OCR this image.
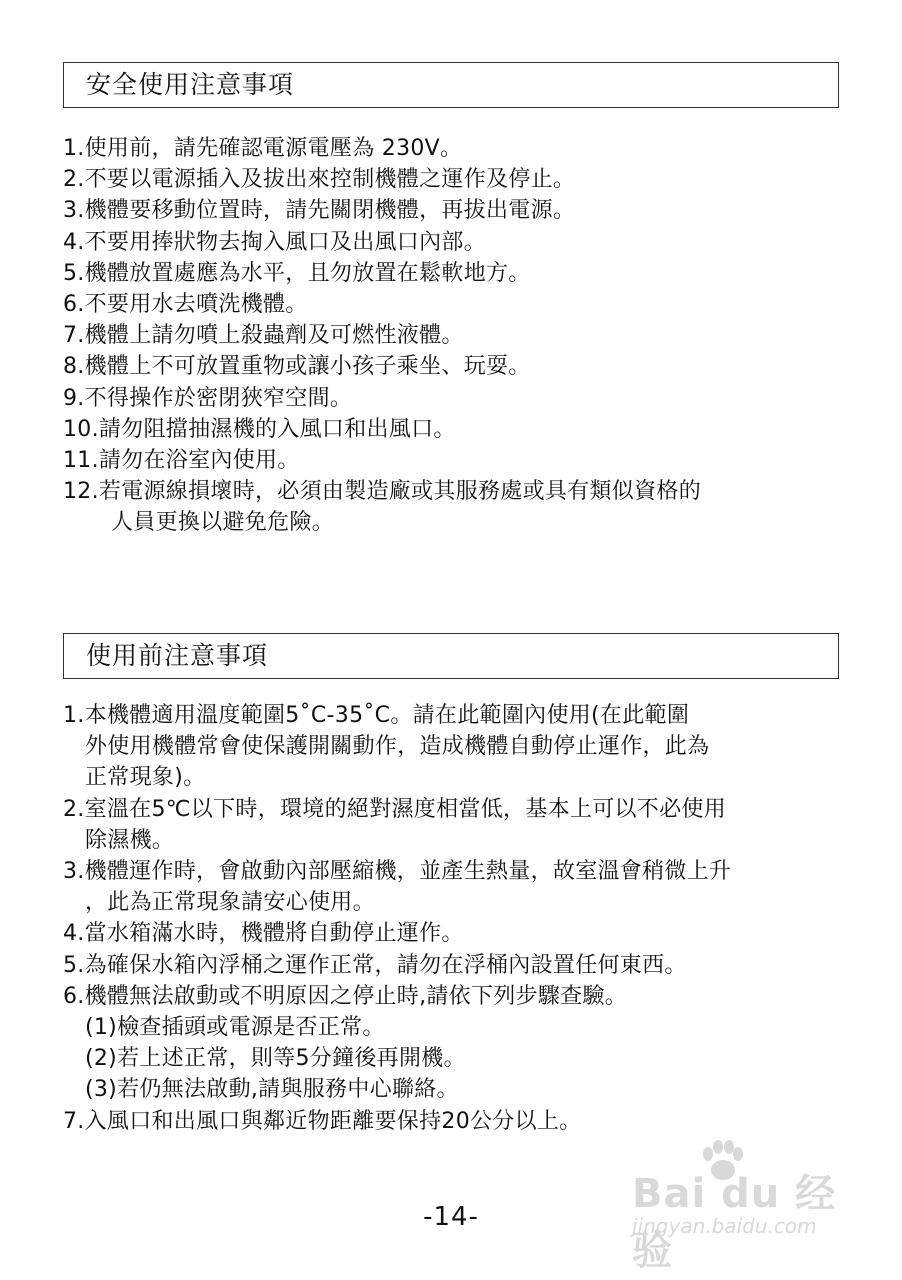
安全使用注意事項
1.使用前，請先確認電源電壓為 230V。
2.不要以電源插入及拔出來控制機體之運作及停止。
3.機體要移動位置時，請先關閉機體，再拔出電源。
4.不要用捧狀物去掏入風口及出風口內部。
5.機體放置處應為水平，且勿放置在鬆軟地方。
6.不要用水去噴洗機體。
7.機體上請勿噴上殺蟲劑及可燃性液體。
8.機體上不可放置重物或讓小孩子乘坐、玩耍。
9.不得操作於密閉狹窄空間。
10.請勿阻擋抽濕機的入風口和出風口。
11.請勿在浴室內使用。
12.若電源線損壞時，必須由製造廠或其服務處或具有類似資格的
人員更換以避免危險。
使用前注意事項
1.本機體適用溫度範圍5˚C-35˚C。請在此範圍內使用(在此範圍
外使用機體常會使保護開關動作，造成機體自動停止運作，此為
正常現象)。
2.室溫在5℃以下時，環境的絕對濕度相當低，基本上可以不必使用
除濕機。
3.機體運作時，會啟動內部壓縮機，並產生熱量，故室溫會稍微上升
，此為正常現象請安心使用。
4.當水箱滿水時，機體將自動停止運作。
5.為確保水箱內浮桶之運作正常，請勿在浮桶內設置任何東西。
6.機體無法啟動或不明原因之停止時,請依下列步驟查驗。
(1)檢查插頭或電源是否正常。
(2)若上述正常，則等5分鐘後再開機。
(3)若仍無法啟動,請與服務中心聯絡。
7.入風口和出風口與鄰近物距離要保持20公分以上。
Bai du 经验
jingyan.baidu.com
-14-
